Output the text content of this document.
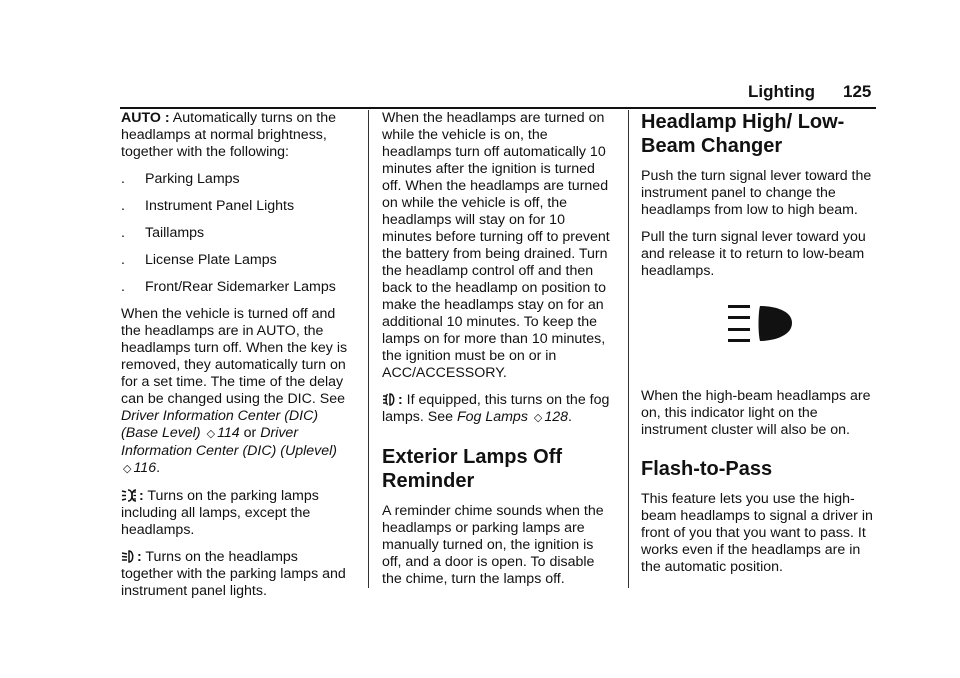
Lighting 125

AUTO : Automatically turns on the headlamps at normal brightness, together with the following:

. Parking Lamps
. Instrument Panel Lights
. Taillamps
. License Plate Lamps
. Front/Rear Sidemarker Lamps

When the vehicle is turned off and the headlamps are in AUTO, the headlamps turn off. When the key is removed, they automatically turn on for a set time. The time of the delay can be changed using the DIC. See Driver Information Center (DIC) (Base Level) ◇ 114 or Driver Information Center (DIC) (Uplevel) ◇ 116.

: Turns on the parking lamps including all lamps, except the headlamps.

: Turns on the headlamps together with the parking lamps and instrument panel lights.

When the headlamps are turned on while the vehicle is on, the headlamps turn off automatically 10 minutes after the ignition is turned off. When the headlamps are turned on while the vehicle is off, the headlamps will stay on for 10 minutes before turning off to prevent the battery from being drained. Turn the headlamp control off and then back to the headlamp on position to make the headlamps stay on for an additional 10 minutes. To keep the lamps on for more than 10 minutes, the ignition must be on or in ACC/ACCESSORY.

: If equipped, this turns on the fog lamps. See Fog Lamps ◇ 128.

Exterior Lamps Off Reminder

A reminder chime sounds when the headlamps or parking lamps are manually turned on, the ignition is off, and a door is open. To disable the chime, turn the lamps off.

Headlamp High/ Low-Beam Changer

Push the turn signal lever toward the instrument panel to change the headlamps from low to high beam.

Pull the turn signal lever toward you and release it to return to low-beam headlamps.

When the high-beam headlamps are on, this indicator light on the instrument cluster will also be on.

Flash-to-Pass

This feature lets you use the high-beam headlamps to signal a driver in front of you that you want to pass. It works even if the headlamps are in the automatic position.
